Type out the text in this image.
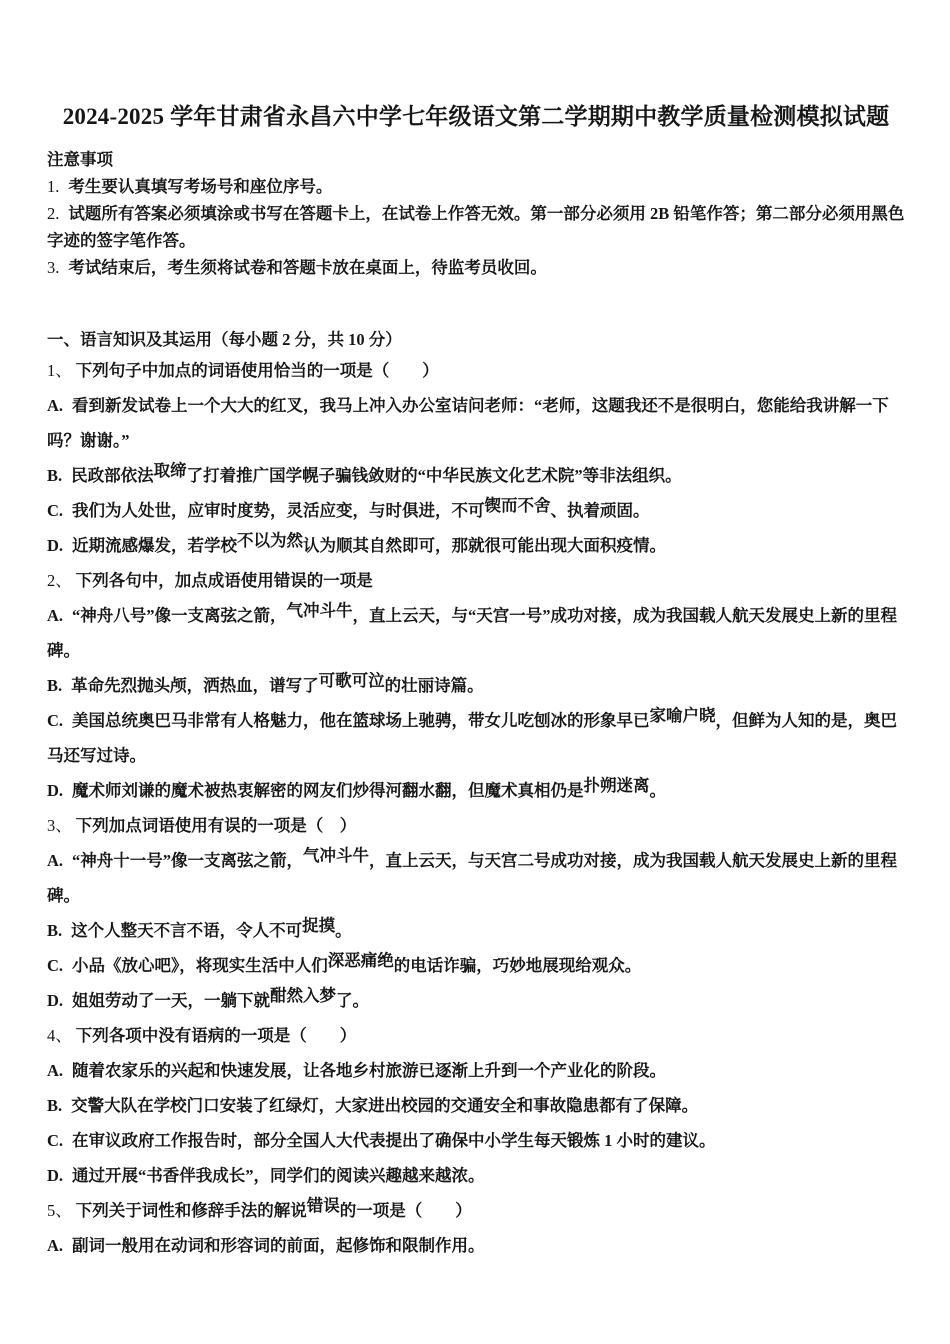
2024-2025 学年甘肃省永昌六中学七年级语文第二学期期中教学质量检测模拟试题

注意事项

1. 考生要认真填写考场号和座位序号。

2. 试题所有答案必须填涂或书写在答题卡上，在试卷上作答无效。第一部分必须用 2B 铅笔作答；第二部分必须用黑色字迹的签字笔作答。

3. 考试结束后，考生须将试卷和答题卡放在桌面上，待监考员收回。

一、语言知识及其运用（每小题 2 分，共 10 分）

1、 下列句子中加点的词语使用恰当的一项是（　　）

A. 看到新发试卷上一个大大的红叉，我马上冲入办公室诘问老师：“老师，这题我还不是很明白，您能给我讲解一下吗？谢谢。”

B. 民政部依法取缔了打着推广国学幌子骗钱敛财的“中华民族文化艺术院”等非法组织。

C. 我们为人处世，应审时度势，灵活应变，与时俱进，不可锲而不舍、执着顽固。

D. 近期流感爆发，若学校不以为然认为顺其自然即可，那就很可能出现大面积疫情。

2、 下列各句中，加点成语使用错误的一项是

A. “神舟八号”像一支离弦之箭，气冲斗牛，直上云天，与“天宫一号”成功对接，成为我国载人航天发展史上新的里程碑。

B. 革命先烈抛头颅，洒热血，谱写了可歌可泣的壮丽诗篇。

C. 美国总统奥巴马非常有人格魅力，他在篮球场上驰骋，带女儿吃刨冰的形象早已家喻户晓，但鲜为人知的是，奥巴马还写过诗。

D. 魔术师刘谦的魔术被热衷解密的网友们炒得河翻水翻，但魔术真相仍是扑朔迷离。

3、 下列加点词语使用有误的一项是（　）

A. “神舟十一号”像一支离弦之箭，气冲斗牛，直上云天，与天宫二号成功对接，成为我国载人航天发展史上新的里程碑。

B. 这个人整天不言不语，令人不可捉摸。

C. 小品《放心吧》，将现实生活中人们深恶痛绝的电话诈骗，巧妙地展现给观众。

D. 姐姐劳动了一天，一躺下就酣然入梦了。

4、 下列各项中没有语病的一项是（　　）

A. 随着农家乐的兴起和快速发展，让各地乡村旅游已逐渐上升到一个产业化的阶段。

B. 交警大队在学校门口安装了红绿灯，大家进出校园的交通安全和事故隐患都有了保障。

C. 在审议政府工作报告时，部分全国人大代表提出了确保中小学生每天锻炼 1 小时的建议。

D. 通过开展“书香伴我成长”，同学们的阅读兴趣越来越浓。

5、 下列关于词性和修辞手法的解说错误的一项是（　　）

A. 副词一般用在动词和形容词的前面，起修饰和限制作用。
